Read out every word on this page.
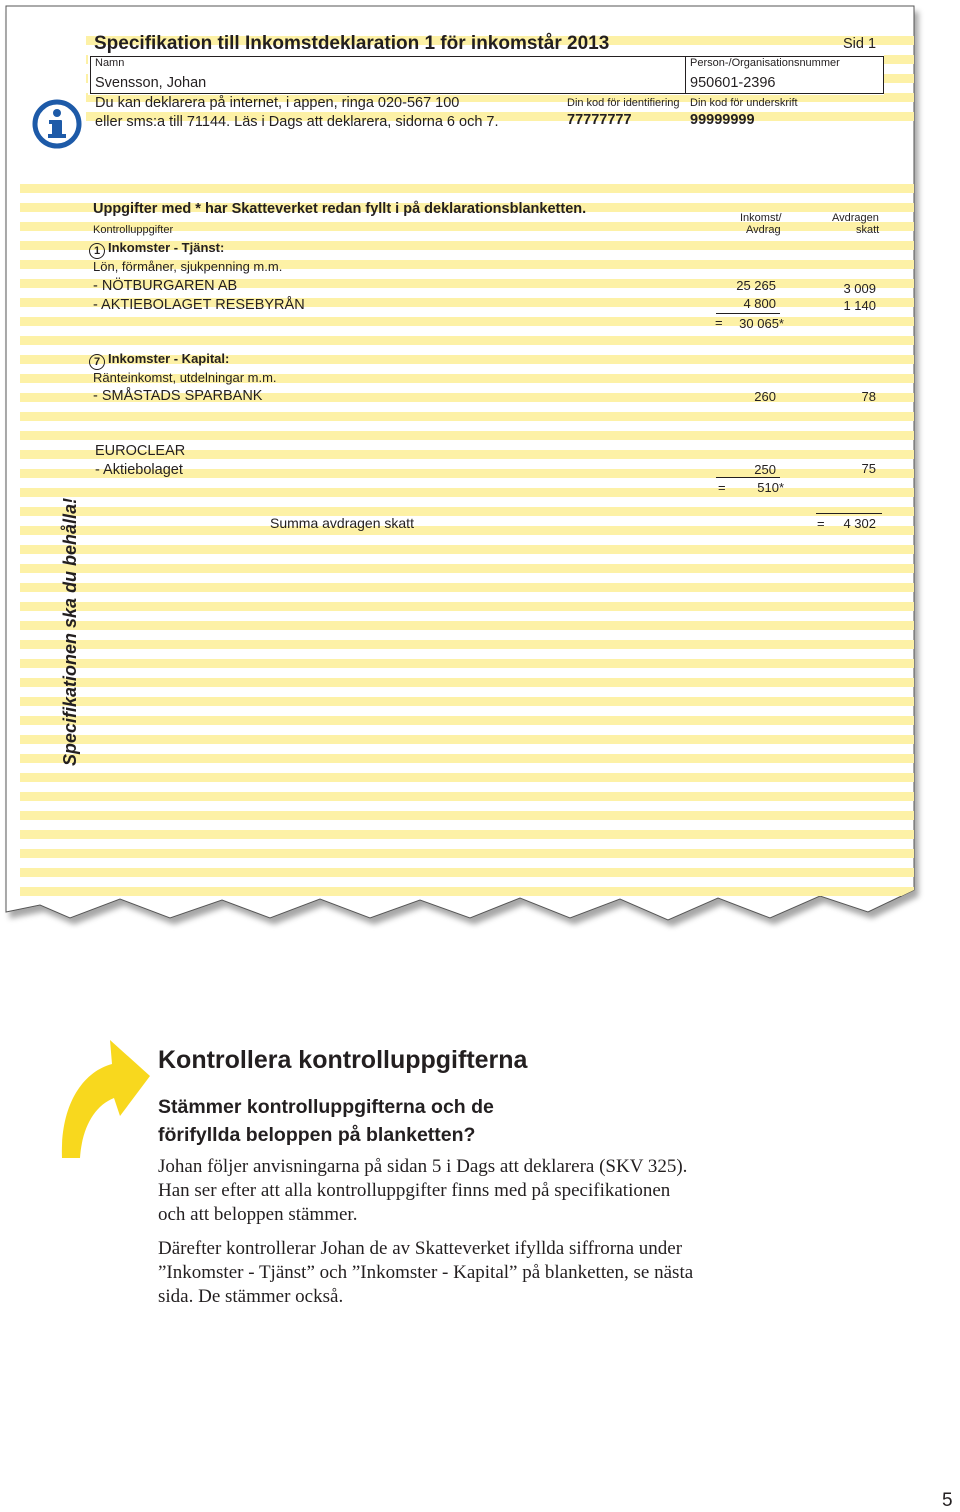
Specifikation till Inkomstdeklaration 1 för inkomstår 2013	Sid 1
Namn
Svensson, Johan
Person-/Organisationsnummer
950601-2396
Du kan deklarera på internet, i appen, ringa 020-567 100
eller sms:a till 71144. Läs i Dags att deklarera, sidorna 6 och 7.
Din kod för identifiering
77777777
Din kod för underskrift
99999999
Uppgifter med * har Skatteverket redan fyllt i på deklarationsblanketten.
Kontrolluppgifter
Inkomst/
Avdrag
Avdragen
skatt
1 Inkomster - Tjänst:
Lön, förmåner, sjukpenning m.m.
- NÖTBURGAREN AB	25 265	3 009
- AKTIEBOLAGET RESEBYRÅN	4 800	1 140
=	30 065*
7 Inkomster - Kapital:
Ränteinkomst, utdelningar m.m.
- SMÅSTADS SPARBANK	260	78
EUROCLEAR
- Aktiebolaget	250	75
=	510*
Summa avdragen skatt	=	4 302
Specifikationen ska du behålla!
Kontrollera kontrolluppgifterna
Stämmer kontrolluppgifterna och de
förifyllda beloppen på blanketten?
Johan följer anvisningarna på sidan 5 i Dags att deklarera (SKV 325).
Han ser efter att alla kontrolluppgifter finns med på specifikationen
och att beloppen stämmer.
Därefter kontrollerar Johan de av Skatteverket ifyllda siffrorna under
”Inkomster - Tjänst” och ”Inkomster - Kapital” på blanketten, se nästa
sida. De stämmer också.
5
